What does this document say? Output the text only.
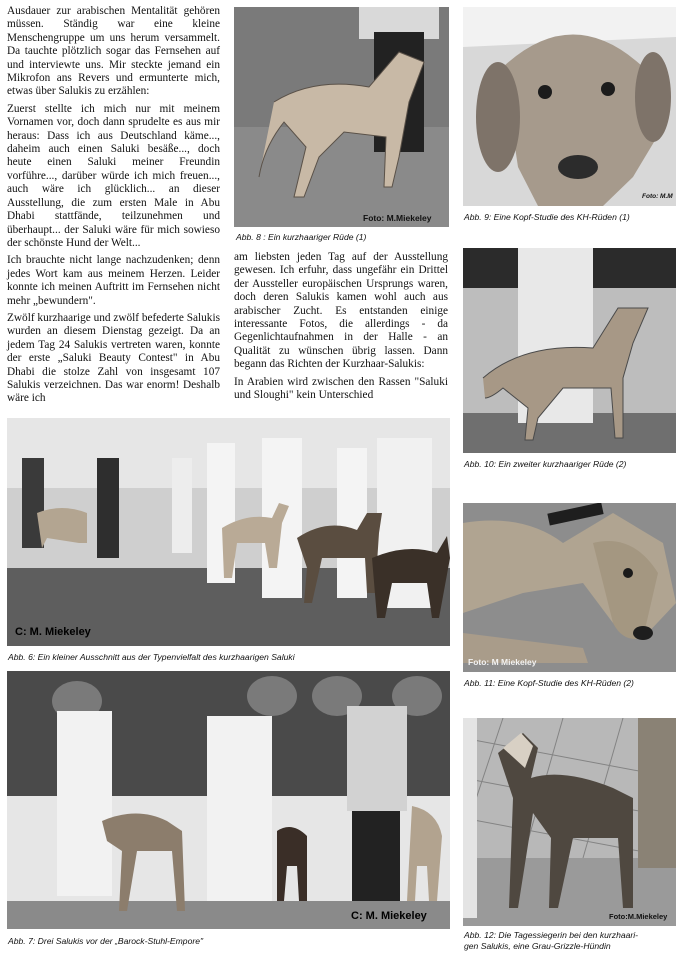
Ausdauer zur arabischen Mentalität gehören müssen. Ständig war eine kleine Menschengruppe um uns herum versammelt. Da tauchte plötzlich sogar das Fernsehen auf und interviewte uns. Mir steckte jemand ein Mikrofon ans Revers und ermunterte mich, etwas über Salukis zu erzählen:

Zuerst stellte ich mich nur mit meinem Vornamen vor, doch dann sprudelte es aus mir heraus: Dass ich aus Deutschland käme..., daheim auch einen Saluki besäße..., doch heute einen Saluki meiner Freundin vorführe..., darüber würde ich mich freuen..., auch wäre ich glücklich... an dieser Ausstellung, die zum ersten Male in Abu Dhabi stattfände, teilzunehmen und überhaupt... der Saluki wäre für mich sowieso der schönste Hund der Welt...

Ich brauchte nicht lange nachzudenken; denn jedes Wort kam aus meinem Herzen. Leider konnte ich meinen Auftritt im Fernsehen nicht mehr „bewundern".

Zwölf kurzhaarige und zwölf befederte Salukis wurden an diesem Dienstag gezeigt. Da an jedem Tag 24 Salukis vertreten waren, konnte der erste „Saluki Beauty Contest" in Abu Dhabi die stolze Zahl von insgesamt 107 Salukis verzeichnen. Das war enorm! Deshalb wäre ich

am liebsten jeden Tag auf der Ausstellung gewesen. Ich erfuhr, dass ungefähr ein Drittel der Aussteller europäischen Ursprungs waren, doch deren Salukis kamen wohl auch aus arabischer Zucht. Es entstanden einige interessante Fotos, die allerdings - da Gegenlichtaufnahmen in der Halle - an Qualität zu wünschen übrig lassen. Dann begann das Richten der Kurzhaar-Salukis:

In Arabien wird zwischen den Rassen "Saluki und Sloughi" kein Unterschied

Foto: M.Miekeley
Abb. 8 : Ein kurzhaariger Rüde (1)
Foto: M.M
Abb. 9: Eine Kopf-Studie des KH-Rüden (1)
Abb. 10: Ein zweiter kurzhaariger Rüde (2)
C: M. Miekeley
Abb. 6: Ein kleiner Ausschnitt aus der Typenvielfalt des kurzhaarigen Saluki	Foto: M Miekeley
Abb. 11: Eine Kopf-Studie des KH-Rüden (2)
C: M. Miekeley
Abb. 7: Drei Salukis vor der „Barock-Stuhl-Empore"
Foto:M.Miekeley
Abb. 12: Die Tagessiegerin bei den kurzhaari-
gen Salukis, eine Grau-Grizzle-Hündin
